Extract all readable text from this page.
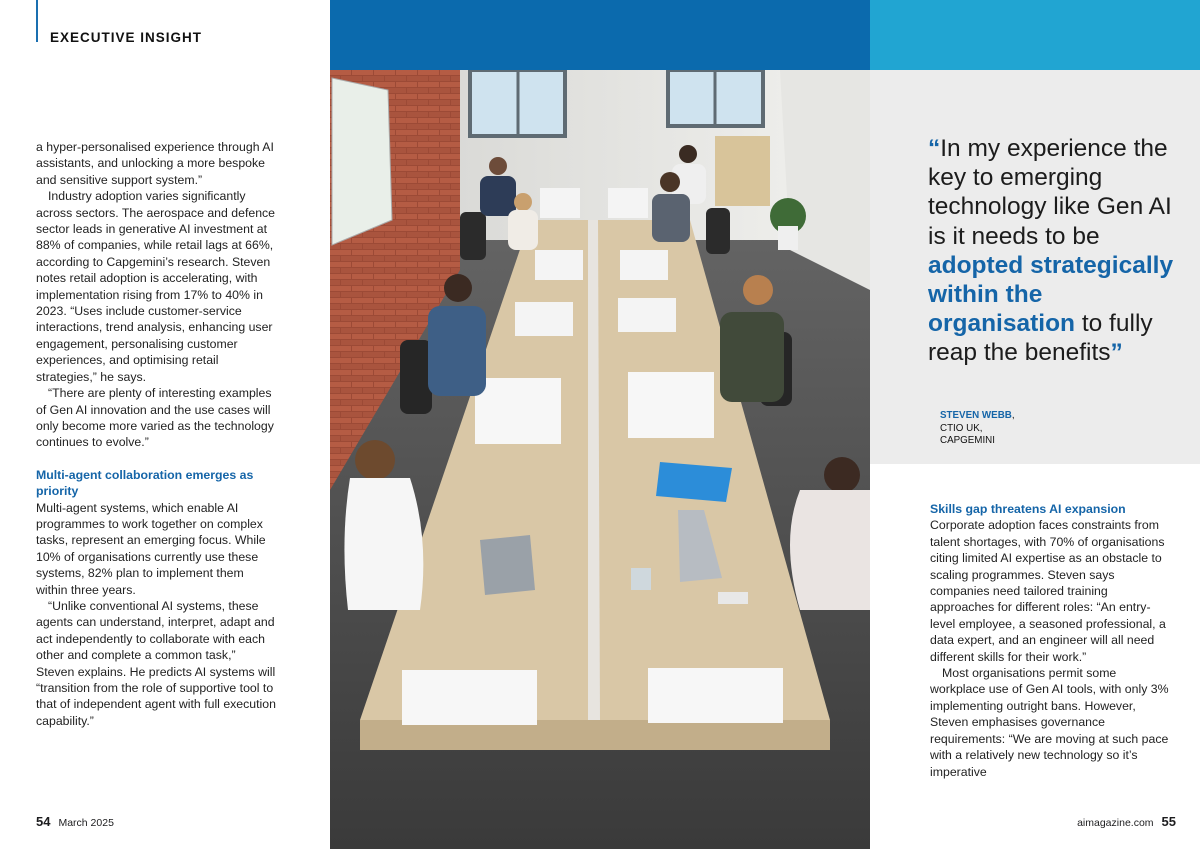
EXECUTIVE INSIGHT

a hyper-personalised experience through AI assistants, and unlocking a more bespoke and sensitive support system.”

Industry adoption varies significantly across sectors. The aerospace and defence sector leads in generative AI investment at 88% of companies, while retail lags at 66%, according to Capgemini’s research. Steven notes retail adoption is accelerating, with implementation rising from 17% to 40% in 2023. “Uses include customer-service interactions, trend analysis, enhancing user engagement, personalising customer experiences, and optimising retail strategies,” he says.

“There are plenty of interesting examples of Gen AI innovation and the use cases will only become more varied as the technology continues to evolve.”

Multi-agent collaboration emerges as priority

Multi-agent systems, which enable AI programmes to work together on complex tasks, represent an emerging focus. While 10% of organisations currently use these systems, 82% plan to implement them within three years.

“Unlike conventional AI systems, these agents can understand, interpret, adapt and act independently to collaborate with each other and complete a common task,” Steven explains. He predicts AI systems will “transition from the role of supportive tool to that of independent agent with full execution capability.”

54 March 2025
“In my experience the key to emerging technology like Gen AI is it needs to be adopted strategically within the organisation to fully reap the benefits”
STEVEN WEBB,
CTIO UK,
CAPGEMINI

Skills gap threatens AI expansion

Corporate adoption faces constraints from talent shortages, with 70% of organisations citing limited AI expertise as an obstacle to scaling programmes. Steven says companies need tailored training approaches for different roles: “An entry-level employee, a seasoned professional, a data expert, and an engineer will all need different skills for their work.”

Most organisations permit some workplace use of Gen AI tools, with only 3% implementing outright bans. However, Steven emphasises governance requirements: “We are moving at such pace with a relatively new technology so it’s imperative

aimagazine.com 55
